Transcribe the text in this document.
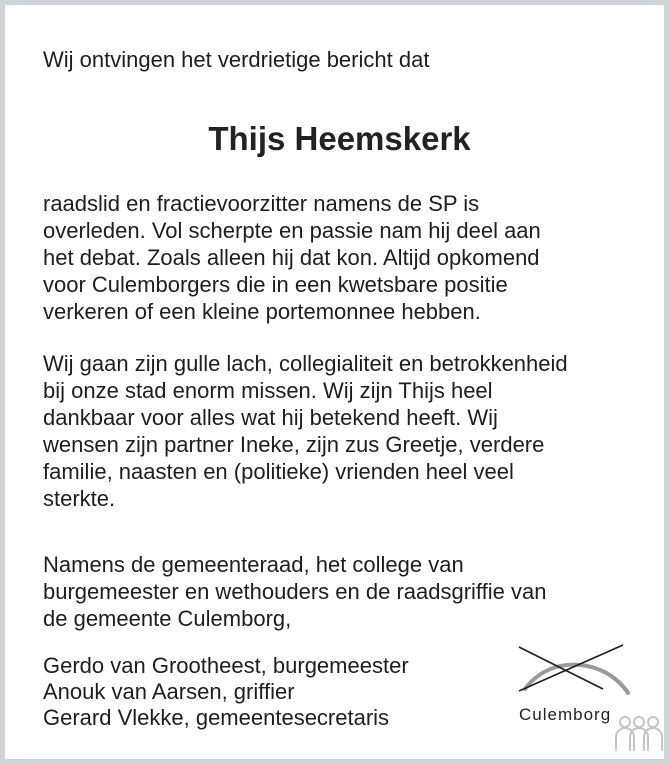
Wij ontvingen het verdrietige bericht dat
Thijs Heemskerk
raadslid en fractievoorzitter namens de SP is
overleden. Vol scherpte en passie nam hij deel aan
het debat. Zoals alleen hij dat kon. Altijd opkomend
voor Culemborgers die in een kwetsbare positie
verkeren of een kleine portemonnee hebben.
Wij gaan zijn gulle lach, collegialiteit en betrokkenheid
bij onze stad enorm missen. Wij zijn Thijs heel
dankbaar voor alles wat hij betekend heeft. Wij
wensen zijn partner Ineke, zijn zus Greetje, verdere
familie, naasten en (politieke) vrienden heel veel
sterkte.
Namens de gemeenteraad, het college van
burgemeester en wethouders en de raadsgriffie van
de gemeente Culemborg,
Gerdo van Grootheest, burgemeester
Anouk van Aarsen, griffier
Gerard Vlekke, gemeentesecretaris	Culemborg
